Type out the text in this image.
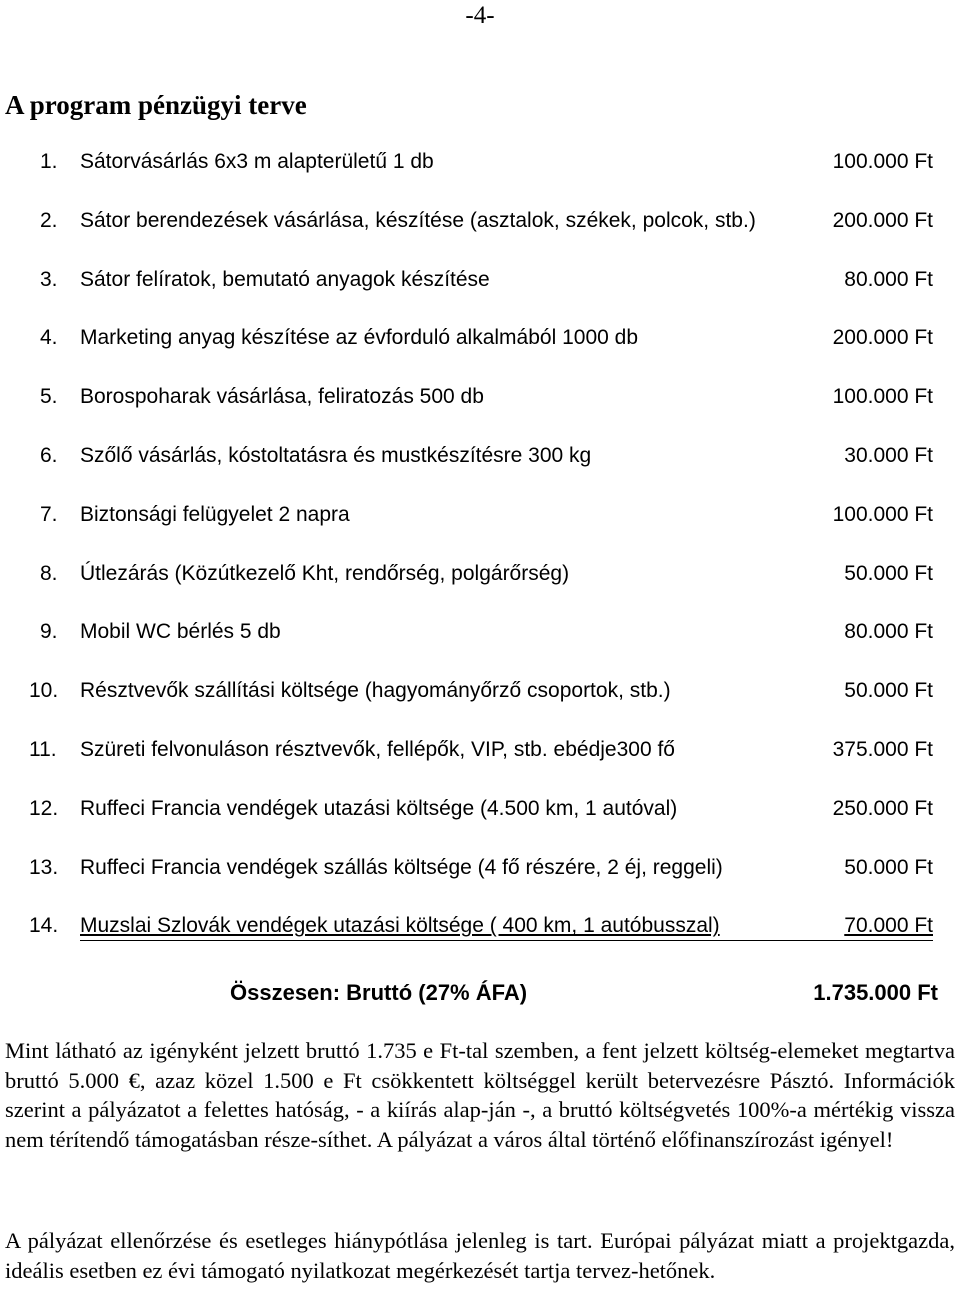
-4-
A program pénzügyi terve
1. Sátorvásárlás 6x3 m alapterületű 1 db	100.000 Ft
2. Sátor berendezések vásárlása, készítése (asztalok, székek, polcok, stb.)	200.000 Ft
3. Sátor felíratok, bemutató anyagok készítése	80.000 Ft
4. Marketing anyag készítése az évforduló alkalmából 1000 db	200.000 Ft
5. Borospoharak vásárlása, feliratozás 500 db	100.000 Ft
6. Szőlő vásárlás, kóstoltatásra és mustkészítésre 300 kg	30.000 Ft
7. Biztonsági felügyelet 2 napra	100.000 Ft
8. Útlezárás (Közútkezelő Kht, rendőrség, polgárőrség)	50.000 Ft
9. Mobil WC bérlés 5 db	80.000 Ft
10. Résztvevők szállítási költsége (hagyományőrző csoportok, stb.)	50.000 Ft
11. Szüreti felvonuláson résztvevők, fellépők, VIP, stb. ebédje300 fő	375.000 Ft
12. Ruffeci Francia vendégek utazási költsége (4.500 km, 1 autóval)	250.000 Ft
13. Ruffeci Francia vendégek szállás költsége (4 fő részére, 2 éj, reggeli)	50.000 Ft
14. Muzslai Szlovák vendégek utazási költsége ( 400 km, 1 autóbusszal)	70.000 Ft
Összesen: Bruttó (27% ÁFA)	1.735.000 Ft
Mint látható az igényként jelzett bruttó 1.735 e Ft-tal szemben, a fent jelzett költség-elemeket megtartva bruttó 5.000 €, azaz közel 1.500 e Ft csökkentett költséggel került betervezésre Pásztó. Információk szerint a pályázatot a felettes hatóság, - a kiírás alap-ján -, a bruttó költségvetés 100%-a mértékig vissza nem térítendő támogatásban része-síthet. A pályázat a város által történő előfinanszírozást igényel!
A pályázat ellenőrzése és esetleges hiánypótlása jelenleg is tart. Európai pályázat miatt a projektgazda, ideális esetben ez évi támogató nyilatkozat megérkezését tartja tervez-hetőnek.
